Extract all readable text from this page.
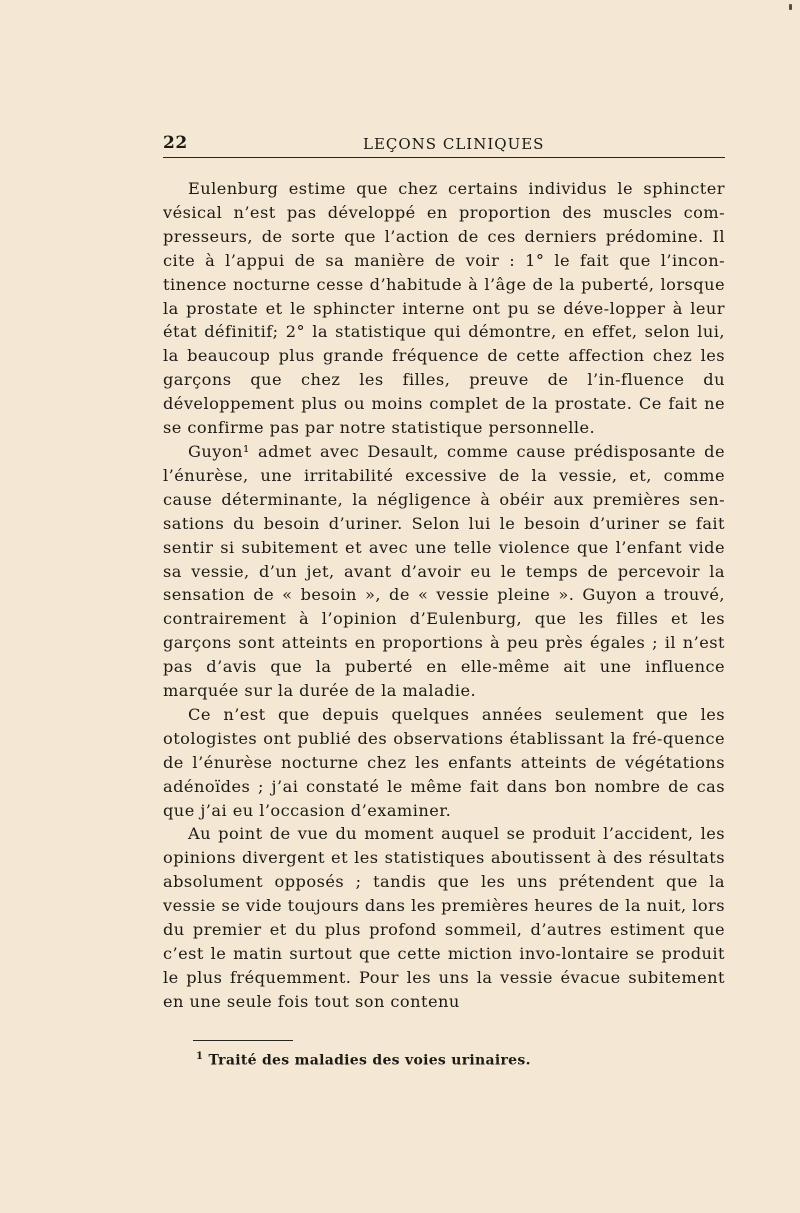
22	LEÇONS CLINIQUES

Eulenburg estime que chez certains individus le sphincter vésical n’est pas développé en proportion des muscles com-presseurs, de sorte que l’action de ces derniers prédomine. Il cite à l’appui de sa manière de voir : 1° le fait que l’incon-tinence nocturne cesse d’habitude à l’âge de la puberté, lorsque la prostate et le sphincter interne ont pu se déve-lopper à leur état définitif; 2° la statistique qui démontre, en effet, selon lui, la beaucoup plus grande fréquence de cette affection chez les garçons que chez les filles, preuve de l’in-fluence du développement plus ou moins complet de la prostate. Ce fait ne se confirme pas par notre statistique personnelle.

Guyon¹ admet avec Desault, comme cause prédisposante de l’énurèse, une irritabilité excessive de la vessie, et, comme cause déterminante, la négligence à obéir aux premières sen-sations du besoin d’uriner. Selon lui le besoin d’uriner se fait sentir si subitement et avec une telle violence que l’enfant vide sa vessie, d’un jet, avant d’avoir eu le temps de percevoir la sensation de « besoin », de « vessie pleine ». Guyon a trouvé, contrairement à l’opinion d’Eulenburg, que les filles et les garçons sont atteints en proportions à peu près égales ; il n’est pas d’avis que la puberté en elle-même ait une influence marquée sur la durée de la maladie.

Ce n’est que depuis quelques années seulement que les otologistes ont publié des observations établissant la fré-quence de l’énurèse nocturne chez les enfants atteints de végétations adénoïdes ; j’ai constaté le même fait dans bon nombre de cas que j’ai eu l’occasion d’examiner.

Au point de vue du moment auquel se produit l’accident, les opinions divergent et les statistiques aboutissent à des résultats absolument opposés ; tandis que les uns prétendent que la vessie se vide toujours dans les premières heures de la nuit, lors du premier et du plus profond sommeil, d’autres estiment que c’est le matin surtout que cette miction invo-lontaire se produit le plus fréquemment. Pour les uns la vessie évacue subitement en une seule fois tout son contenu

$^1$ Traité des maladies des voies urinaires.
